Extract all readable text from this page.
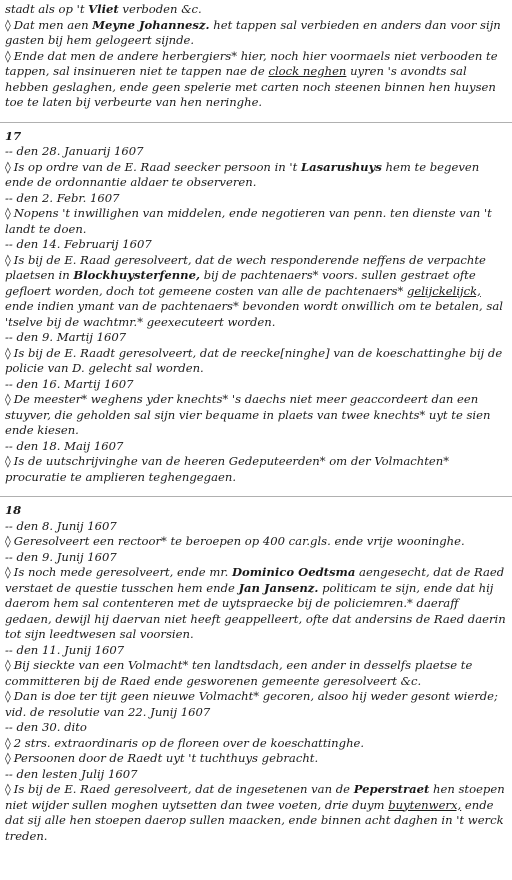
stadt als op 't Vliet verboden &c.

◊ Dat men aen Meyne Johannesz. het tappen sal verbieden en anders dan voor sijn gasten bij hem gelogeert sijnde.

◊ Ende dat men de andere herbergiers* hier, noch hier voormaels niet verbooden te tappen, sal insinueren niet te tappen nae de clock neghen uyren 's avondts sal hebben geslaghen, ende geen spelerie met carten noch steenen binnen hen huysen toe te laten bij verbeurte van hen neringhe.

17

-- den 28. Januarij 1607

◊ Is op ordre van de E. Raad seecker persoon in 't Lasarushuys hem te begeven ende de ordonnantie aldaer te observeren.

-- den 2. Febr. 1607

◊ Nopens 't inwillighen van middelen, ende negotieren van penn. ten dienste van 't landt te doen.

-- den 14. Februarij 1607

◊ Is bij de E. Raad geresolveert, dat de wech responderende neffens de verpachte plaetsen in Blockhuysterfenne, bij de pachtenaers* voors. sullen gestraet ofte gefloert worden, doch tot gemeene costen van alle de pachtenaers* gelijckelijck, ende indien ymant van de pachtenaers* bevonden wordt onwillich om te betalen, sal 'tselve bij de wachtmr.* geexecuteert worden.

-- den 9. Martij 1607

◊ Is bij de E. Raadt geresolveert, dat de reecke[ninghe] van de koeschattinghe bij de policie van D. gelecht sal worden.

-- den 16. Martij 1607

◊ De meester* weghens yder knechts* 's daechs niet meer geaccordeert dan een stuyver, die geholden sal sijn vier bequame in plaets van twee knechts* uyt te sien ende kiesen.

-- den 18. Maij 1607

◊ Is de uutschrijvinghe van de heeren Gedeputeerden* om der Volmachten* procuratie te amplieren teghengegaen.

18

-- den 8. Junij 1607

◊ Geresolveert een rectoor* te beroepen op 400 car.gls. ende vrije wooninghe.

-- den 9. Junij 1607

◊ Is noch mede geresolveert, ende mr. Dominico Oedtsma aengesecht, dat de Raed verstaet de questie tusschen hem ende Jan Jansenz. politicam te sijn, ende dat hij daerom hem sal contenteren met de uytspraecke bij de policiemren.* daeraff gedaen, dewijl hij daervan niet heeft geappelleert, ofte dat andersins de Raed daerin tot sijn leedtwesen sal voorsien.

-- den 11. Junij 1607

◊ Bij sieckte van een Volmacht* ten landtsdach, een ander in desselfs plaetse te committeren bij de Raed ende gesworenen gemeente geresolveert &c.

◊ Dan is doe ter tijt geen nieuwe Volmacht* gecoren, alsoo hij weder gesont wierde; vid. de resolutie van 22. Junij 1607

-- den 30. dito

◊ 2 strs. extraordinaris op de floreen over de koeschattinghe.

◊ Persoonen door de Raedt uyt 't tuchthuys gebracht.

-- den lesten Julij 1607

◊ Is bij de E. Raed geresolveert, dat de ingesetenen van de Peperstraet hen stoepen niet wijder sullen moghen uytsetten dan twee voeten, drie duym buytenwerx, ende dat sij alle hen stoepen daerop sullen maacken, ende binnen acht daghen in 't werck treden.
